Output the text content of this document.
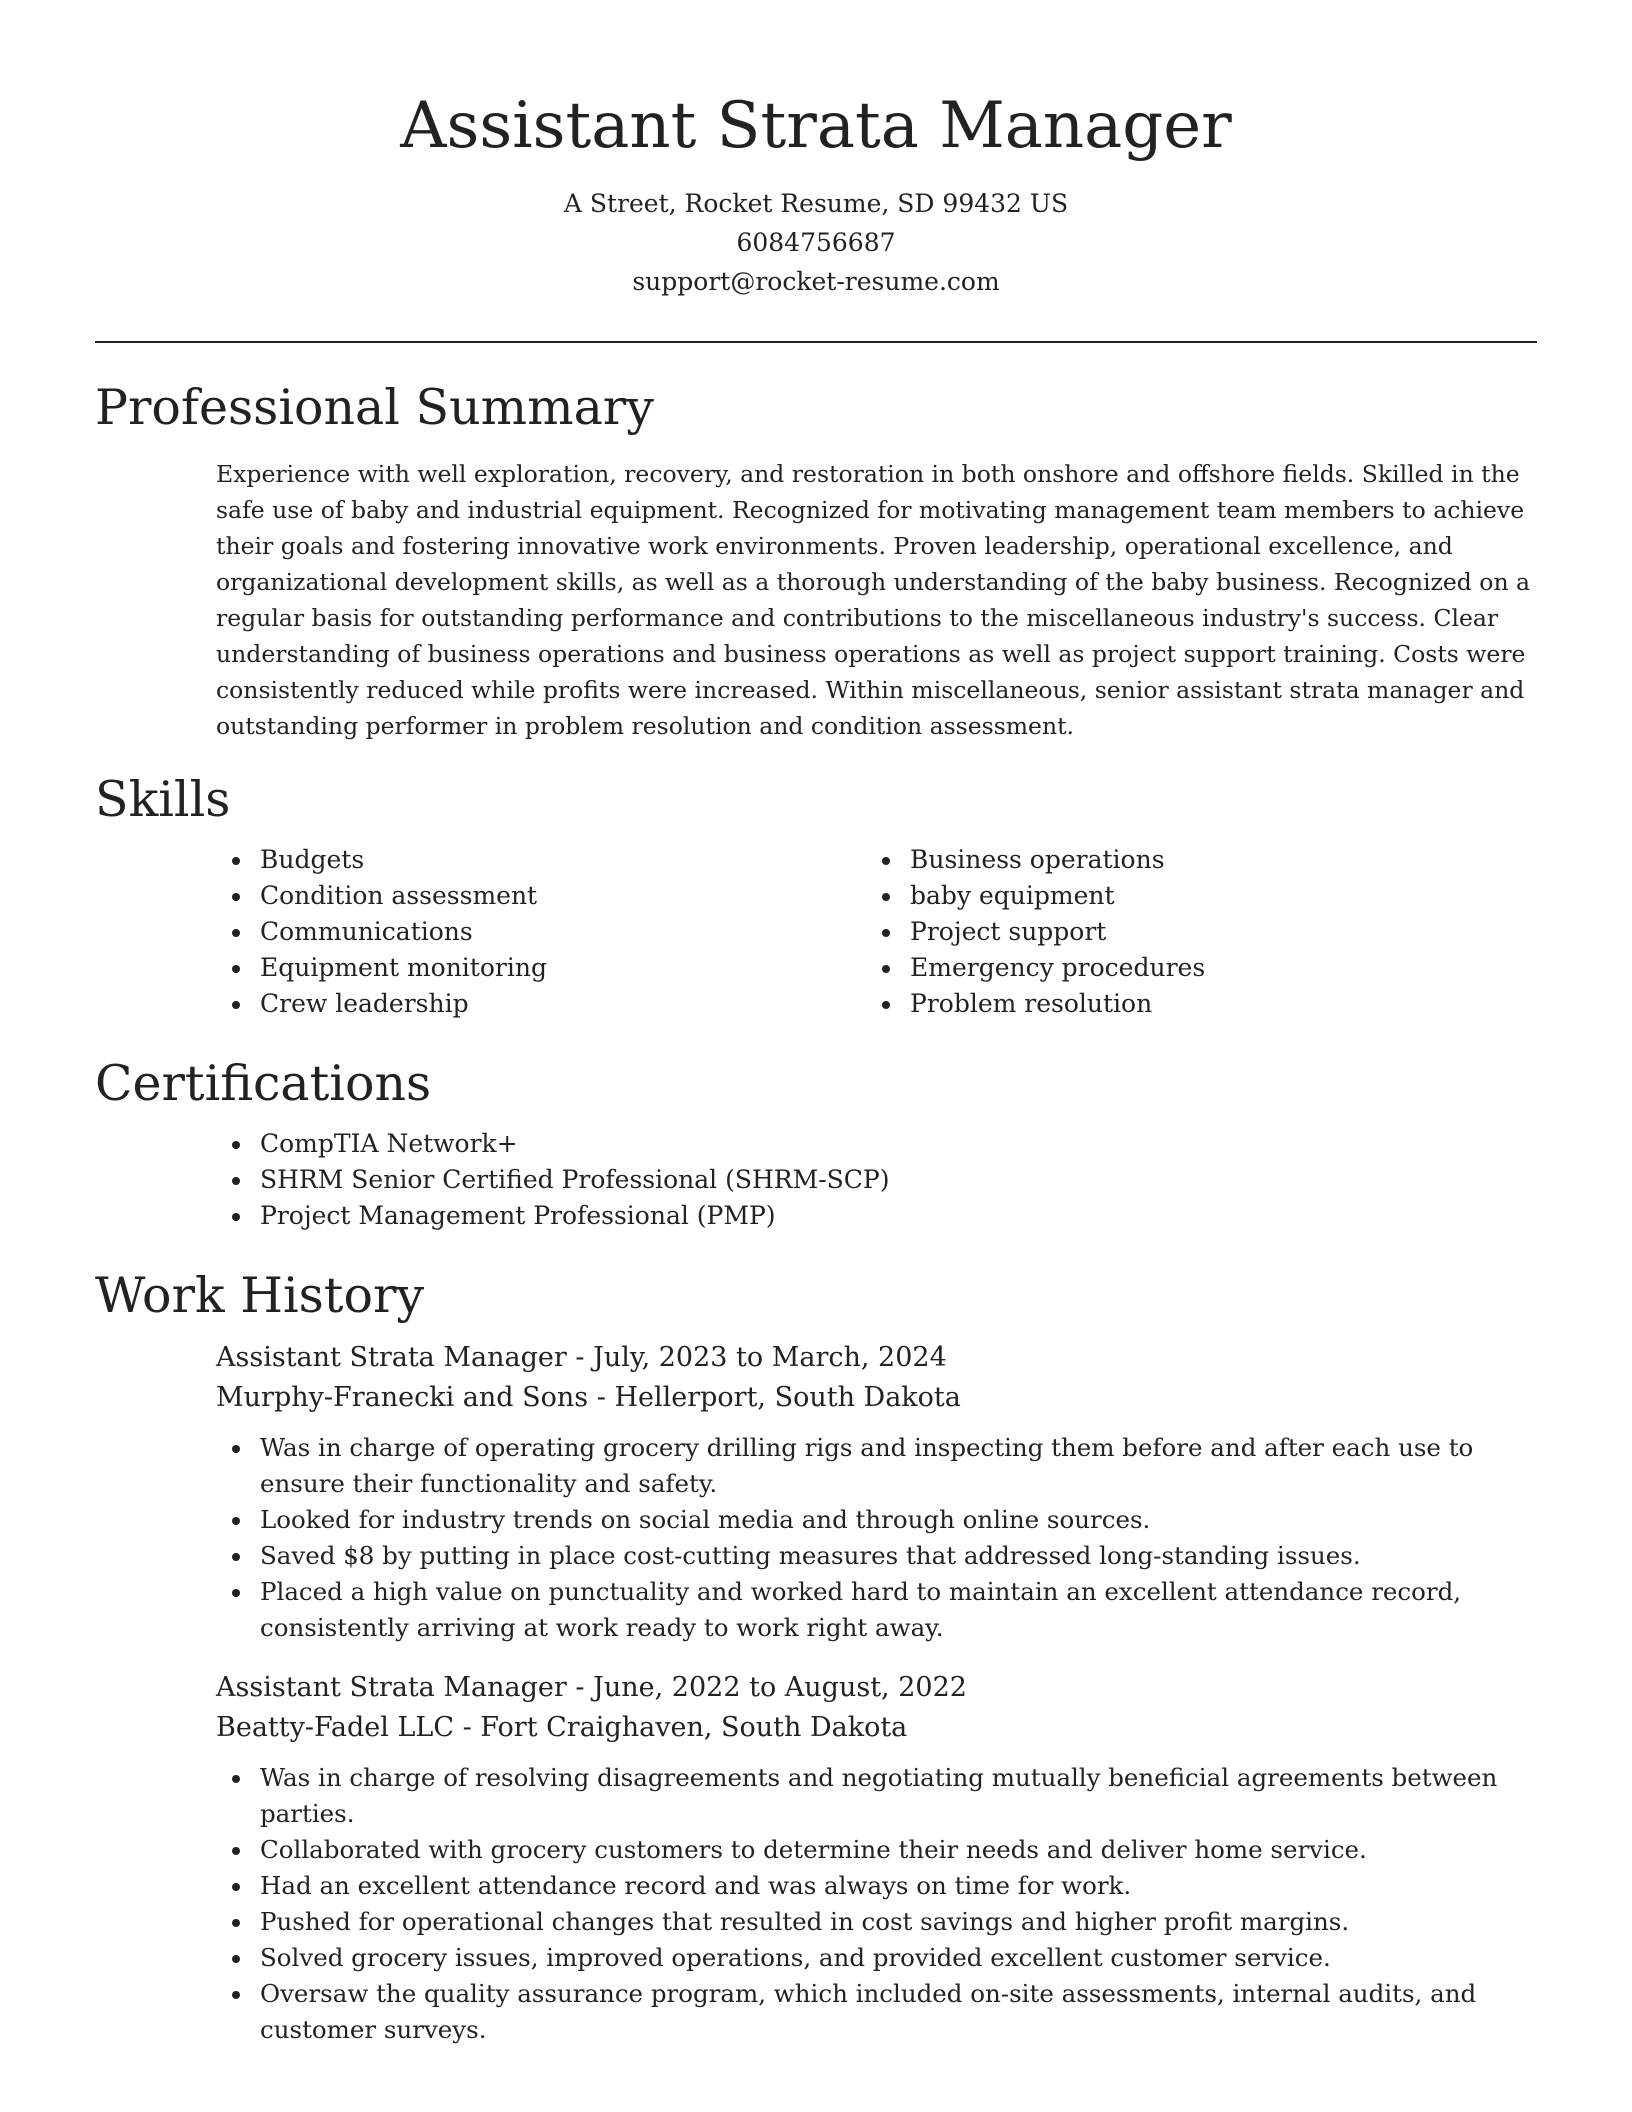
Assistant Strata Manager
A Street, Rocket Resume, SD 99432 US
6084756687
support@rocket-resume.com
Professional Summary

Experience with well exploration, recovery, and restoration in both onshore and offshore fields. Skilled in the safe use of baby and industrial equipment. Recognized for motivating management team members to achieve their goals and fostering innovative work environments. Proven leadership, operational excellence, and organizational development skills, as well as a thorough understanding of the baby business. Recognized on a regular basis for outstanding performance and contributions to the miscellaneous industry's success. Clear understanding of business operations and business operations as well as project support training. Costs were consistently reduced while profits were increased. Within miscellaneous, senior assistant strata manager and outstanding performer in problem resolution and condition assessment.

Skills
Budgets
Condition assessment
Communications
Equipment monitoring
Crew leadership
Business operations
baby equipment
Project support
Emergency procedures
Problem resolution
Certifications
CompTIA Network+
SHRM Senior Certified Professional (SHRM-SCP)
Project Management Professional (PMP)
Work History
Assistant Strata Manager - July, 2023 to March, 2024
Murphy-Franecki and Sons - Hellerport, South Dakota
Was in charge of operating grocery drilling rigs and inspecting them before and after each use to ensure their functionality and safety.
Looked for industry trends on social media and through online sources.
Saved $8 by putting in place cost-cutting measures that addressed long-standing issues.
Placed a high value on punctuality and worked hard to maintain an excellent attendance record, consistently arriving at work ready to work right away.
Assistant Strata Manager - June, 2022 to August, 2022
Beatty-Fadel LLC - Fort Craighaven, South Dakota
Was in charge of resolving disagreements and negotiating mutually beneficial agreements between parties.
Collaborated with grocery customers to determine their needs and deliver home service.
Had an excellent attendance record and was always on time for work.
Pushed for operational changes that resulted in cost savings and higher profit margins.
Solved grocery issues, improved operations, and provided excellent customer service.
Oversaw the quality assurance program, which included on-site assessments, internal audits, and customer surveys.
